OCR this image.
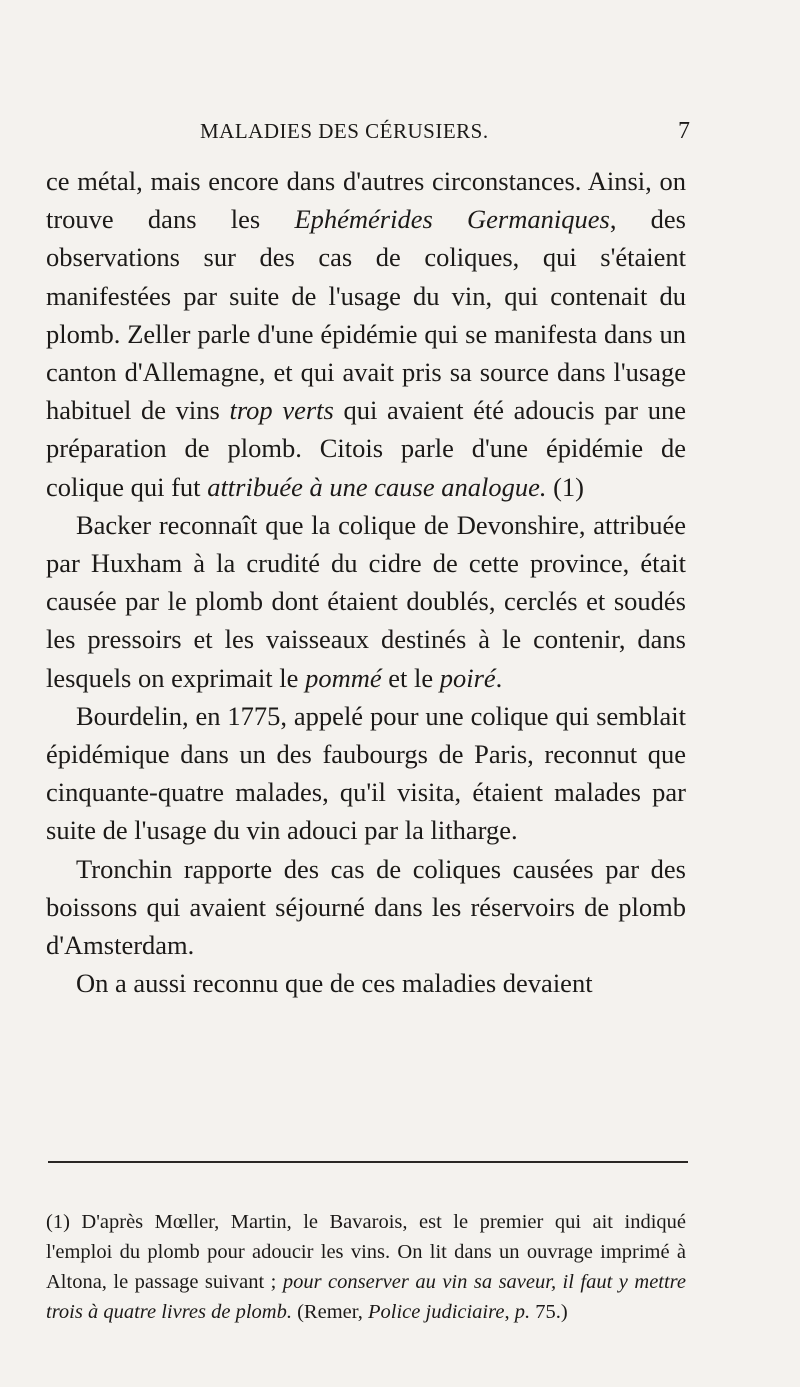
MALADIES DES CÉRUSIERS.	7

ce métal, mais encore dans d'autres circonstances. Ainsi, on trouve dans les Ephémérides Germaniques, des observations sur des cas de coliques, qui s'étaient manifestées par suite de l'usage du vin, qui contenait du plomb. Zeller parle d'une épidémie qui se manifesta dans un canton d'Allemagne, et qui avait pris sa source dans l'usage habituel de vins trop verts qui avaient été adoucis par une préparation de plomb. Citois parle d'une épidémie de colique qui fut attribuée à une cause analogue. (1)

Backer reconnaît que la colique de Devonshire, attribuée par Huxham à la crudité du cidre de cette province, était causée par le plomb dont étaient doublés, cerclés et soudés les pressoirs et les vaisseaux destinés à le contenir, dans lesquels on exprimait le pommé et le poiré.

Bourdelin, en 1775, appelé pour une colique qui semblait épidémique dans un des faubourgs de Paris, reconnut que cinquante-quatre malades, qu'il visita, étaient malades par suite de l'usage du vin adouci par la litharge.

Tronchin rapporte des cas de coliques causées par des boissons qui avaient séjourné dans les réservoirs de plomb d'Amsterdam.

On a aussi reconnu que de ces maladies devaient

(1) D'après Mœller, Martin, le Bavarois, est le premier qui ait indiqué l'emploi du plomb pour adoucir les vins. On lit dans un ouvrage imprimé à Altona, le passage suivant ; pour conserver au vin sa saveur, il faut y mettre trois à quatre livres de plomb. (Remer, Police judiciaire, p. 75.)
